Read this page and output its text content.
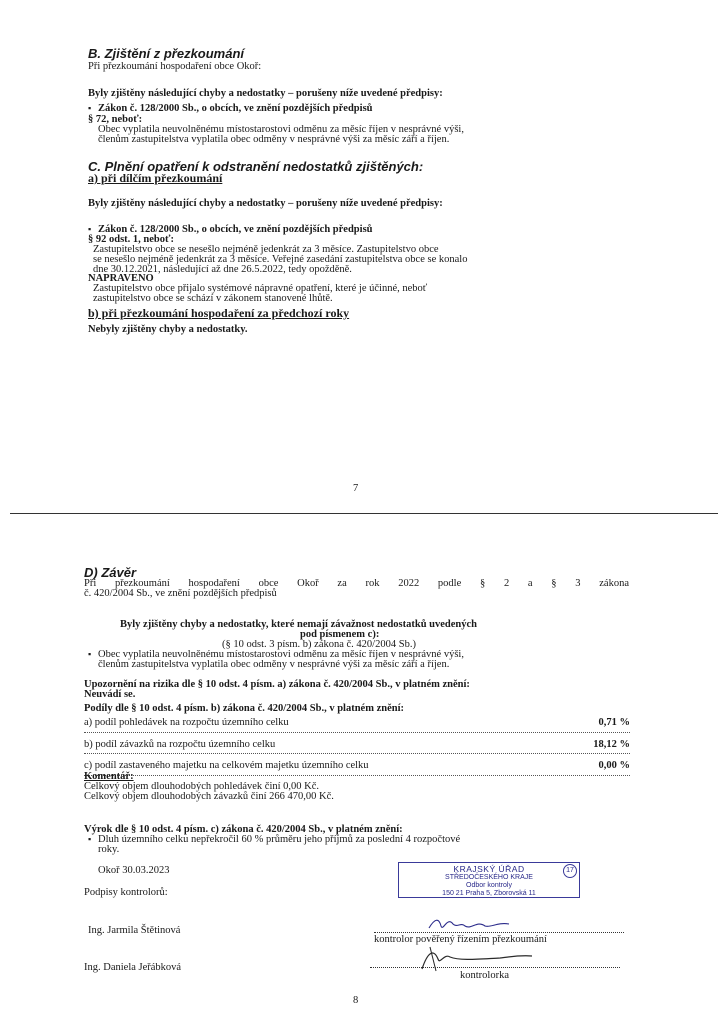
B. Zjištění z přezkoumání
Při přezkoumání hospodaření obce Okoř:
Byly zjištěny následující chyby a nedostatky – porušeny níže uvedené předpisy:
▪ Zákon č. 128/2000 Sb., o obcích, ve znění pozdějších předpisů
§ 72, neboť:
Obec vyplatila neuvolněnému místostarostovi odměnu za měsíc říjen v nesprávné výši,
členům zastupitelstva vyplatila obec odměny v nesprávné výši za měsíc září a říjen.
C. Plnění opatření k odstranění nedostatků zjištěných:
a) při dílčím přezkoumání
Byly zjištěny následující chyby a nedostatky – porušeny níže uvedené předpisy:
▪ Zákon č. 128/2000 Sb., o obcích, ve znění pozdějších předpisů
§ 92 odst. 1, neboť:
Zastupitelstvo obce se nesešlo nejméně jedenkrát za 3 měsíce. Zastupitelstvo obce
se nesešlo nejméně jedenkrát za 3 měsíce. Veřejné zasedání zastupitelstva obce se konalo
dne 30.12.2021, následující až dne 26.5.2022, tedy opožděně.
NAPRAVENO
Zastupitelstvo obce přijalo systémové nápravné opatření, které je účinné, neboť
zastupitelstvo obce se schází v zákonem stanovené lhůtě.
b) při přezkoumání hospodaření za předchozí roky
Nebyly zjištěny chyby a nedostatky.
7
D) Závěr
Při přezkoumání hospodaření obce Okoř za rok 2022 podle § 2 a § 3 zákona
č. 420/2004 Sb., ve znění pozdějších předpisů
Byly zjištěny chyby a nedostatky, které nemají závažnost nedostatků uvedených
pod písmenem c):
(§ 10 odst. 3 písm. b) zákona č. 420/2004 Sb.)
▪ Obec vyplatila neuvolněnému místostarostovi odměnu za měsíc říjen v nesprávné výši,
členům zastupitelstva vyplatila obec odměny v nesprávné výši za měsíc září a říjen.
Upozornění na rizika dle § 10 odst. 4 písm. a) zákona č. 420/2004 Sb., v platném znění:
Neuvádí se.
Podíly dle § 10 odst. 4 písm. b) zákona č. 420/2004 Sb., v platném znění:
a) podíl pohledávek na rozpočtu územního celku	0,71 %
b) podíl závazků na rozpočtu územního celku	18,12 %
c) podíl zastaveného majetku na celkovém majetku územního celku	0,00 %
Komentář:
Celkový objem dlouhodobých pohledávek činí 0,00 Kč.
Celkový objem dlouhodobých závazků činí 266 470,00 Kč.
Výrok dle § 10 odst. 4 písm. c) zákona č. 420/2004 Sb., v platném znění:
▪ Dluh územního celku nepřekročil 60 % průměru jeho příjmů za poslední 4 rozpočtové
roky.
Okoř 30.03.2023
Podpisy kontrolorů:
KRAJSKÝ ÚŘAD
STŘEDOČESKÉHO KRAJE
Odbor kontroly
150 21 Praha 5, Zborovská 11
17
Ing. Jarmila Štětinová
kontrolor pověřený řízením přezkoumání
Ing. Daniela Jeřábková
kontrolorka
8
